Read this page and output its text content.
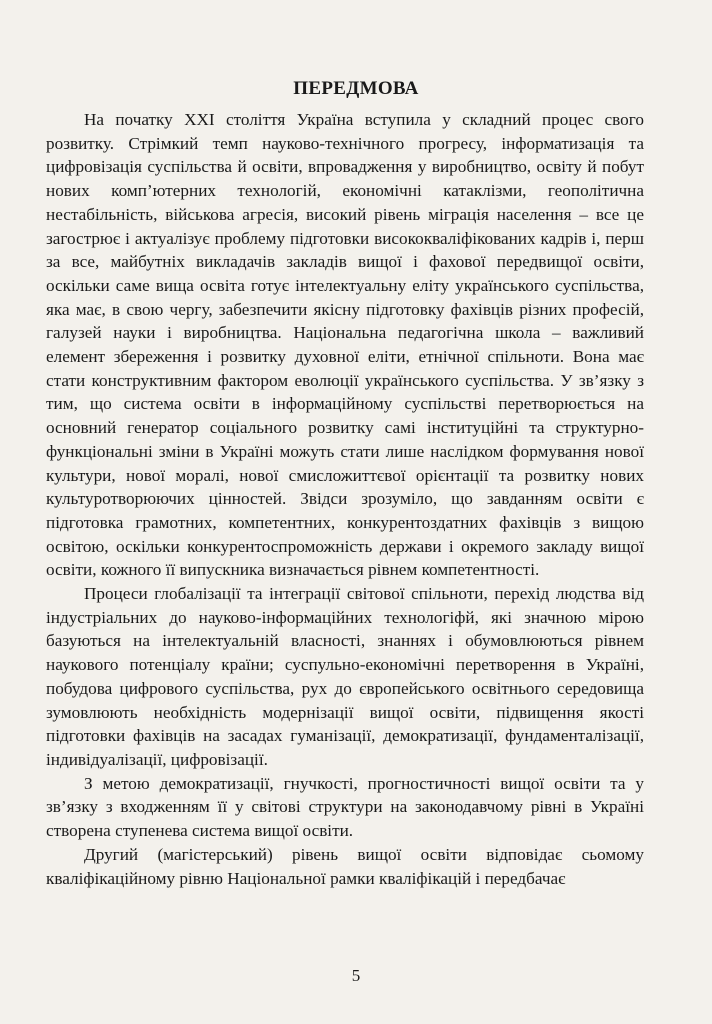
ПЕРЕДМОВА

На початку XXI століття Україна вступила у складний процес свого розвитку. Стрімкий темп науково-технічного прогресу, інформатизація та цифровізація суспільства й освіти, впровадження у виробництво, освіту й побут нових комп’ютерних технологій, економічні катаклізми, геополітична нестабільність, військова агресія, високий рівень міграція населення – все це загострює і актуалізує проблему підготовки висококваліфікованих кадрів і, перш за все, майбутніх викладачів закладів вищої і фахової передвищої освіти, оскільки саме вища освіта готує інтелектуальну еліту українського суспільства, яка має, в свою чергу, забезпечити якісну підготовку фахівців різних професій, галузей науки і виробництва. Національна педагогічна школа – важливий елемент збереження і розвитку духовної еліти, етнічної спільноти. Вона має стати конструктивним фактором еволюції українського суспільства. У зв’язку з тим, що система освіти в інформаційному суспільстві перетворюється на основний генератор соціального розвитку самі інституційні та структурно-функціональні зміни в Україні можуть стати лише наслідком формування нової культури, нової моралі, нової смисложиттєвої орієнтації та розвитку нових культуротворюючих цінностей. Звідси зрозуміло, що завданням освіти є підготовка грамотних, компетентних, конкурентоздатних фахівців з вищою освітою, оскільки конкурентоспроможність держави і окремого закладу вищої освіти, кожного її випускника визначається рівнем компетентності.

Процеси глобалізації та інтеграції світової спільноти, перехід людства від індустріальних до науково-інформаційних технологіфй, які значною мірою базуються на інтелектуальній власності, знаннях і обумовлюються рівнем наукового потенціалу країни; суспульно-економічні перетворення в Україні, побудова цифрового суспільства, рух до європейського освітнього середовища зумовлюють необхідність модернізації вищої освіти, підвищення якості підготовки фахівців на засадах гуманізації, демократизації, фундаменталізації, індивідуалізації, цифровізації.

З метою демократизації, гнучкості, прогностичності вищої освіти та у зв’язку з входженням її у світові структури на законодавчому рівні в Україні створена ступенева система вищої освіти.

Другий (магістерський) рівень вищої освіти відповідає сьомому кваліфікаційному рівню Національної рамки кваліфікацій і передбачає

5
